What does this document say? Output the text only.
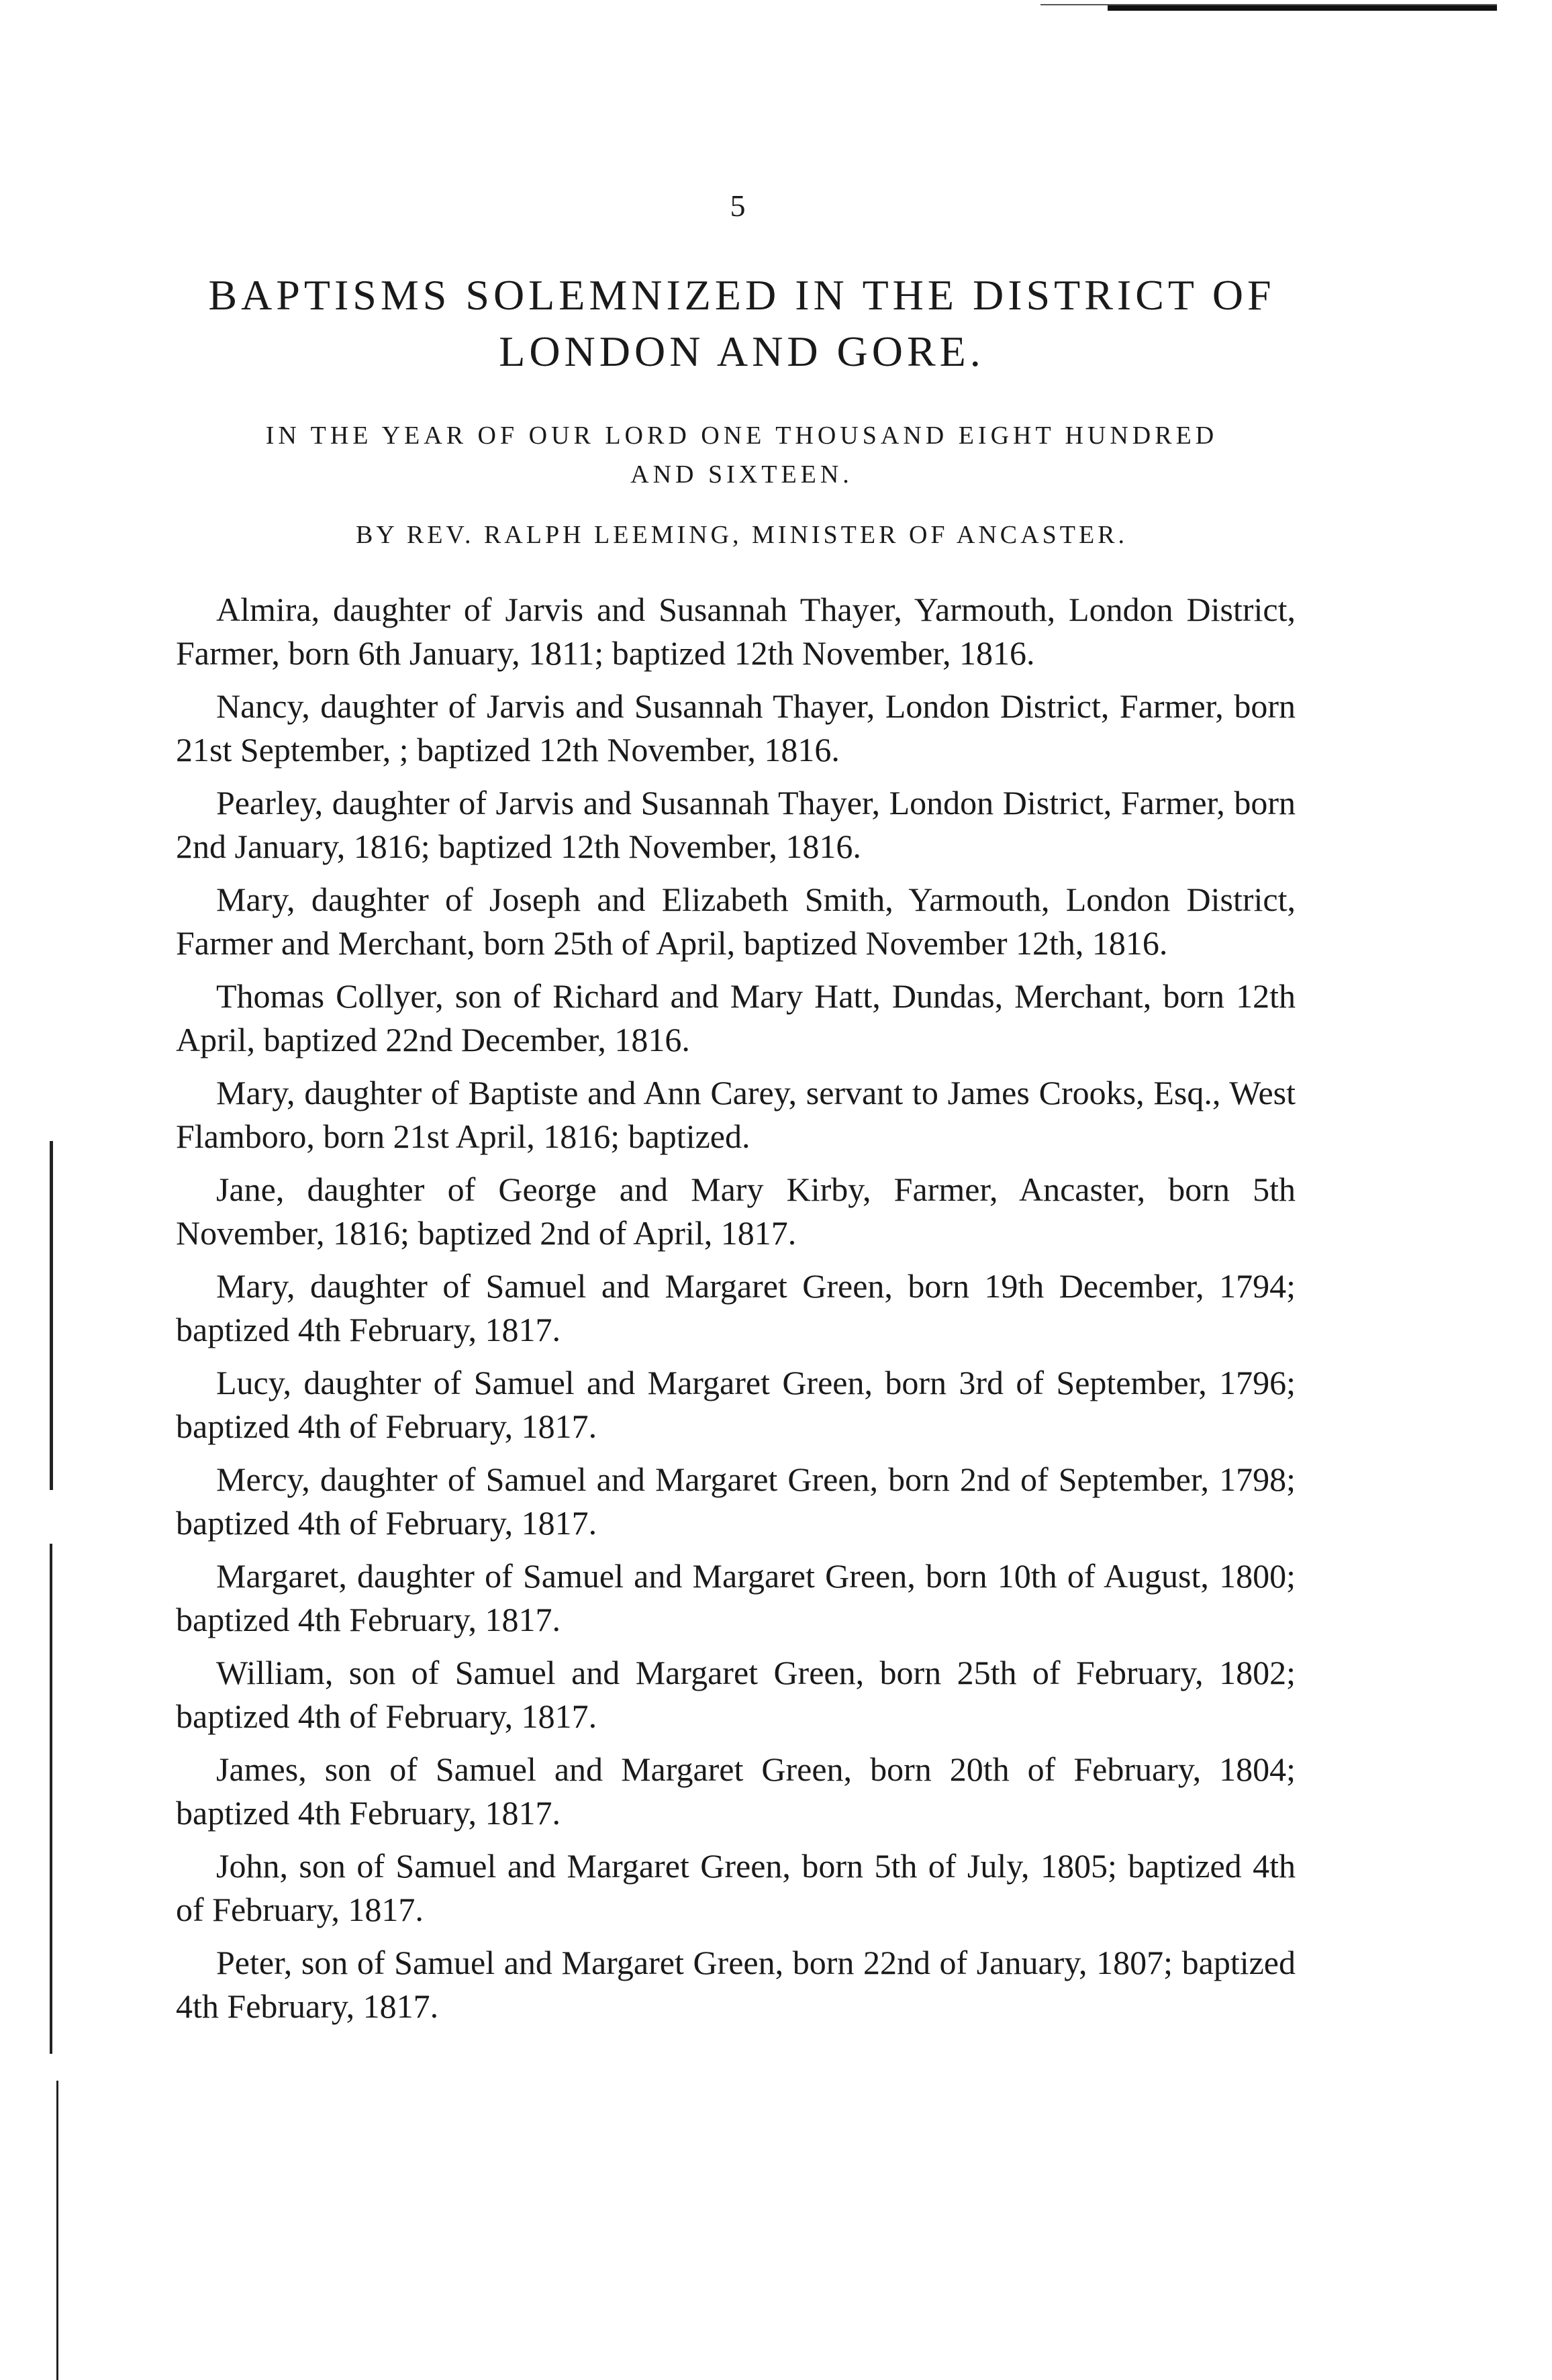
5
BAPTISMS SOLEMNIZED IN THE DISTRICT OF
LONDON AND GORE.
IN THE YEAR OF OUR LORD ONE THOUSAND EIGHT HUNDRED
AND SIXTEEN.
BY REV. RALPH LEEMING, MINISTER OF ANCASTER.

Almira, daughter of Jarvis and Susannah Thayer, Yarmouth, London District, Farmer, born 6th January, 1811; baptized 12th November, 1816.

Nancy, daughter of Jarvis and Susannah Thayer, London District, Farmer, born 21st September, ; baptized 12th November, 1816.

Pearley, daughter of Jarvis and Susannah Thayer, London District, Farmer, born 2nd January, 1816; baptized 12th November, 1816.

Mary, daughter of Joseph and Elizabeth Smith, Yarmouth, London District, Farmer and Merchant, born 25th of April, baptized November 12th, 1816.

Thomas Collyer, son of Richard and Mary Hatt, Dundas, Merchant, born 12th April, baptized 22nd December, 1816.

Mary, daughter of Baptiste and Ann Carey, servant to James Crooks, Esq., West Flamboro, born 21st April, 1816; baptized.

Jane, daughter of George and Mary Kirby, Farmer, Ancaster, born 5th November, 1816; baptized 2nd of April, 1817.

Mary, daughter of Samuel and Margaret Green, born 19th December, 1794; baptized 4th February, 1817.

Lucy, daughter of Samuel and Margaret Green, born 3rd of September, 1796; baptized 4th of February, 1817.

Mercy, daughter of Samuel and Margaret Green, born 2nd of September, 1798; baptized 4th of February, 1817.

Margaret, daughter of Samuel and Margaret Green, born 10th of August, 1800; baptized 4th February, 1817.

William, son of Samuel and Margaret Green, born 25th of February, 1802; baptized 4th of February, 1817.

James, son of Samuel and Margaret Green, born 20th of February, 1804; baptized 4th February, 1817.

John, son of Samuel and Margaret Green, born 5th of July, 1805; baptized 4th of February, 1817.

Peter, son of Samuel and Margaret Green, born 22nd of January, 1807; baptized 4th February, 1817.
